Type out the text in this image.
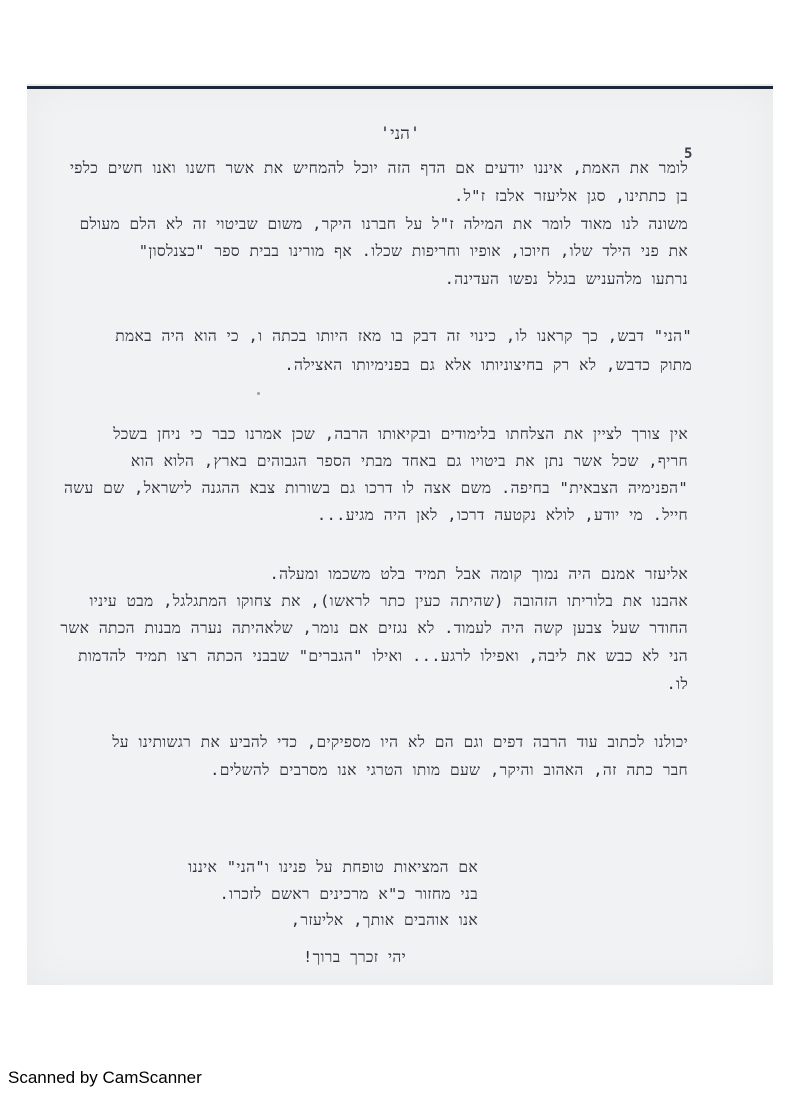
'הני'
5
לומר את האמת, איננו יודעים אם הדף הזה יוכל להמחיש את אשר חשנו ואנו חשים כלפי
בן כתתינו, סגן אליעזר אלבז ז"ל.
משונה לנו מאוד לומר את המילה ז"ל על חברנו היקר, משום שביטוי זה לא הלם מעולם
את פני הילד שלו, חיוכו, אופיו וחריפות שכלו. אף מורינו בבית ספר "כצנלסון"
נרתעו מלהעניש בגלל נפשו העדינה.
"הני" דבש, כך קראנו לו, כינוי זה דבק בו מאז היותו בכתה ו, כי הוא היה באמת
מתוק כדבש, לא רק בחיצוניותו אלא גם בפנימיותו האצילה.
אין צורך לציין את הצלחתו בלימודים ובקיאותו הרבה, שכן אמרנו כבר כי ניחן בשכל
חריף, שכל אשר נתן את ביטויו גם באחד מבתי הספר הגבוהים בארץ, הלוא הוא
"הפנימיה הצבאית" בחיפה. משם אצה לו דרכו גם בשורות צבא ההגנה לישראל, שם עשה
חייל. מי יודע, לולא נקטעה דרכו, לאן היה מגיע...
אליעזר אמנם היה נמוך קומה אבל תמיד בלט משכמו ומעלה.
אהבנו את בלוריתו הזהובה (שהיתה כעין כתר לראשו), את צחוקו המתגלגל, מבט עיניו
החודר שעל צבען קשה היה לעמוד. לא נגזים אם נומר, שלאהיתה נערה מבנות הכתה אשר
הני לא כבש את ליבה, ואפילו לרגע... ואילו "הגברים" שבבני הכתה רצו תמיד להדמות
לו.
יכולנו לכתוב עוד הרבה דפים וגם הם לא היו מספיקים, כדי להביע את רגשותינו על
חבר כתה זה, האהוב והיקר, שעם מותו הטרגי אנו מסרבים להשלים.
אם המציאות טופחת על פנינו ו"הני" איננו
בני מחזור כ"א מרכינים ראשם לזכרו.
אנו אוהבים אותך, אליעזר,
יהי זכרך ברוך!
Scanned by CamScanner
